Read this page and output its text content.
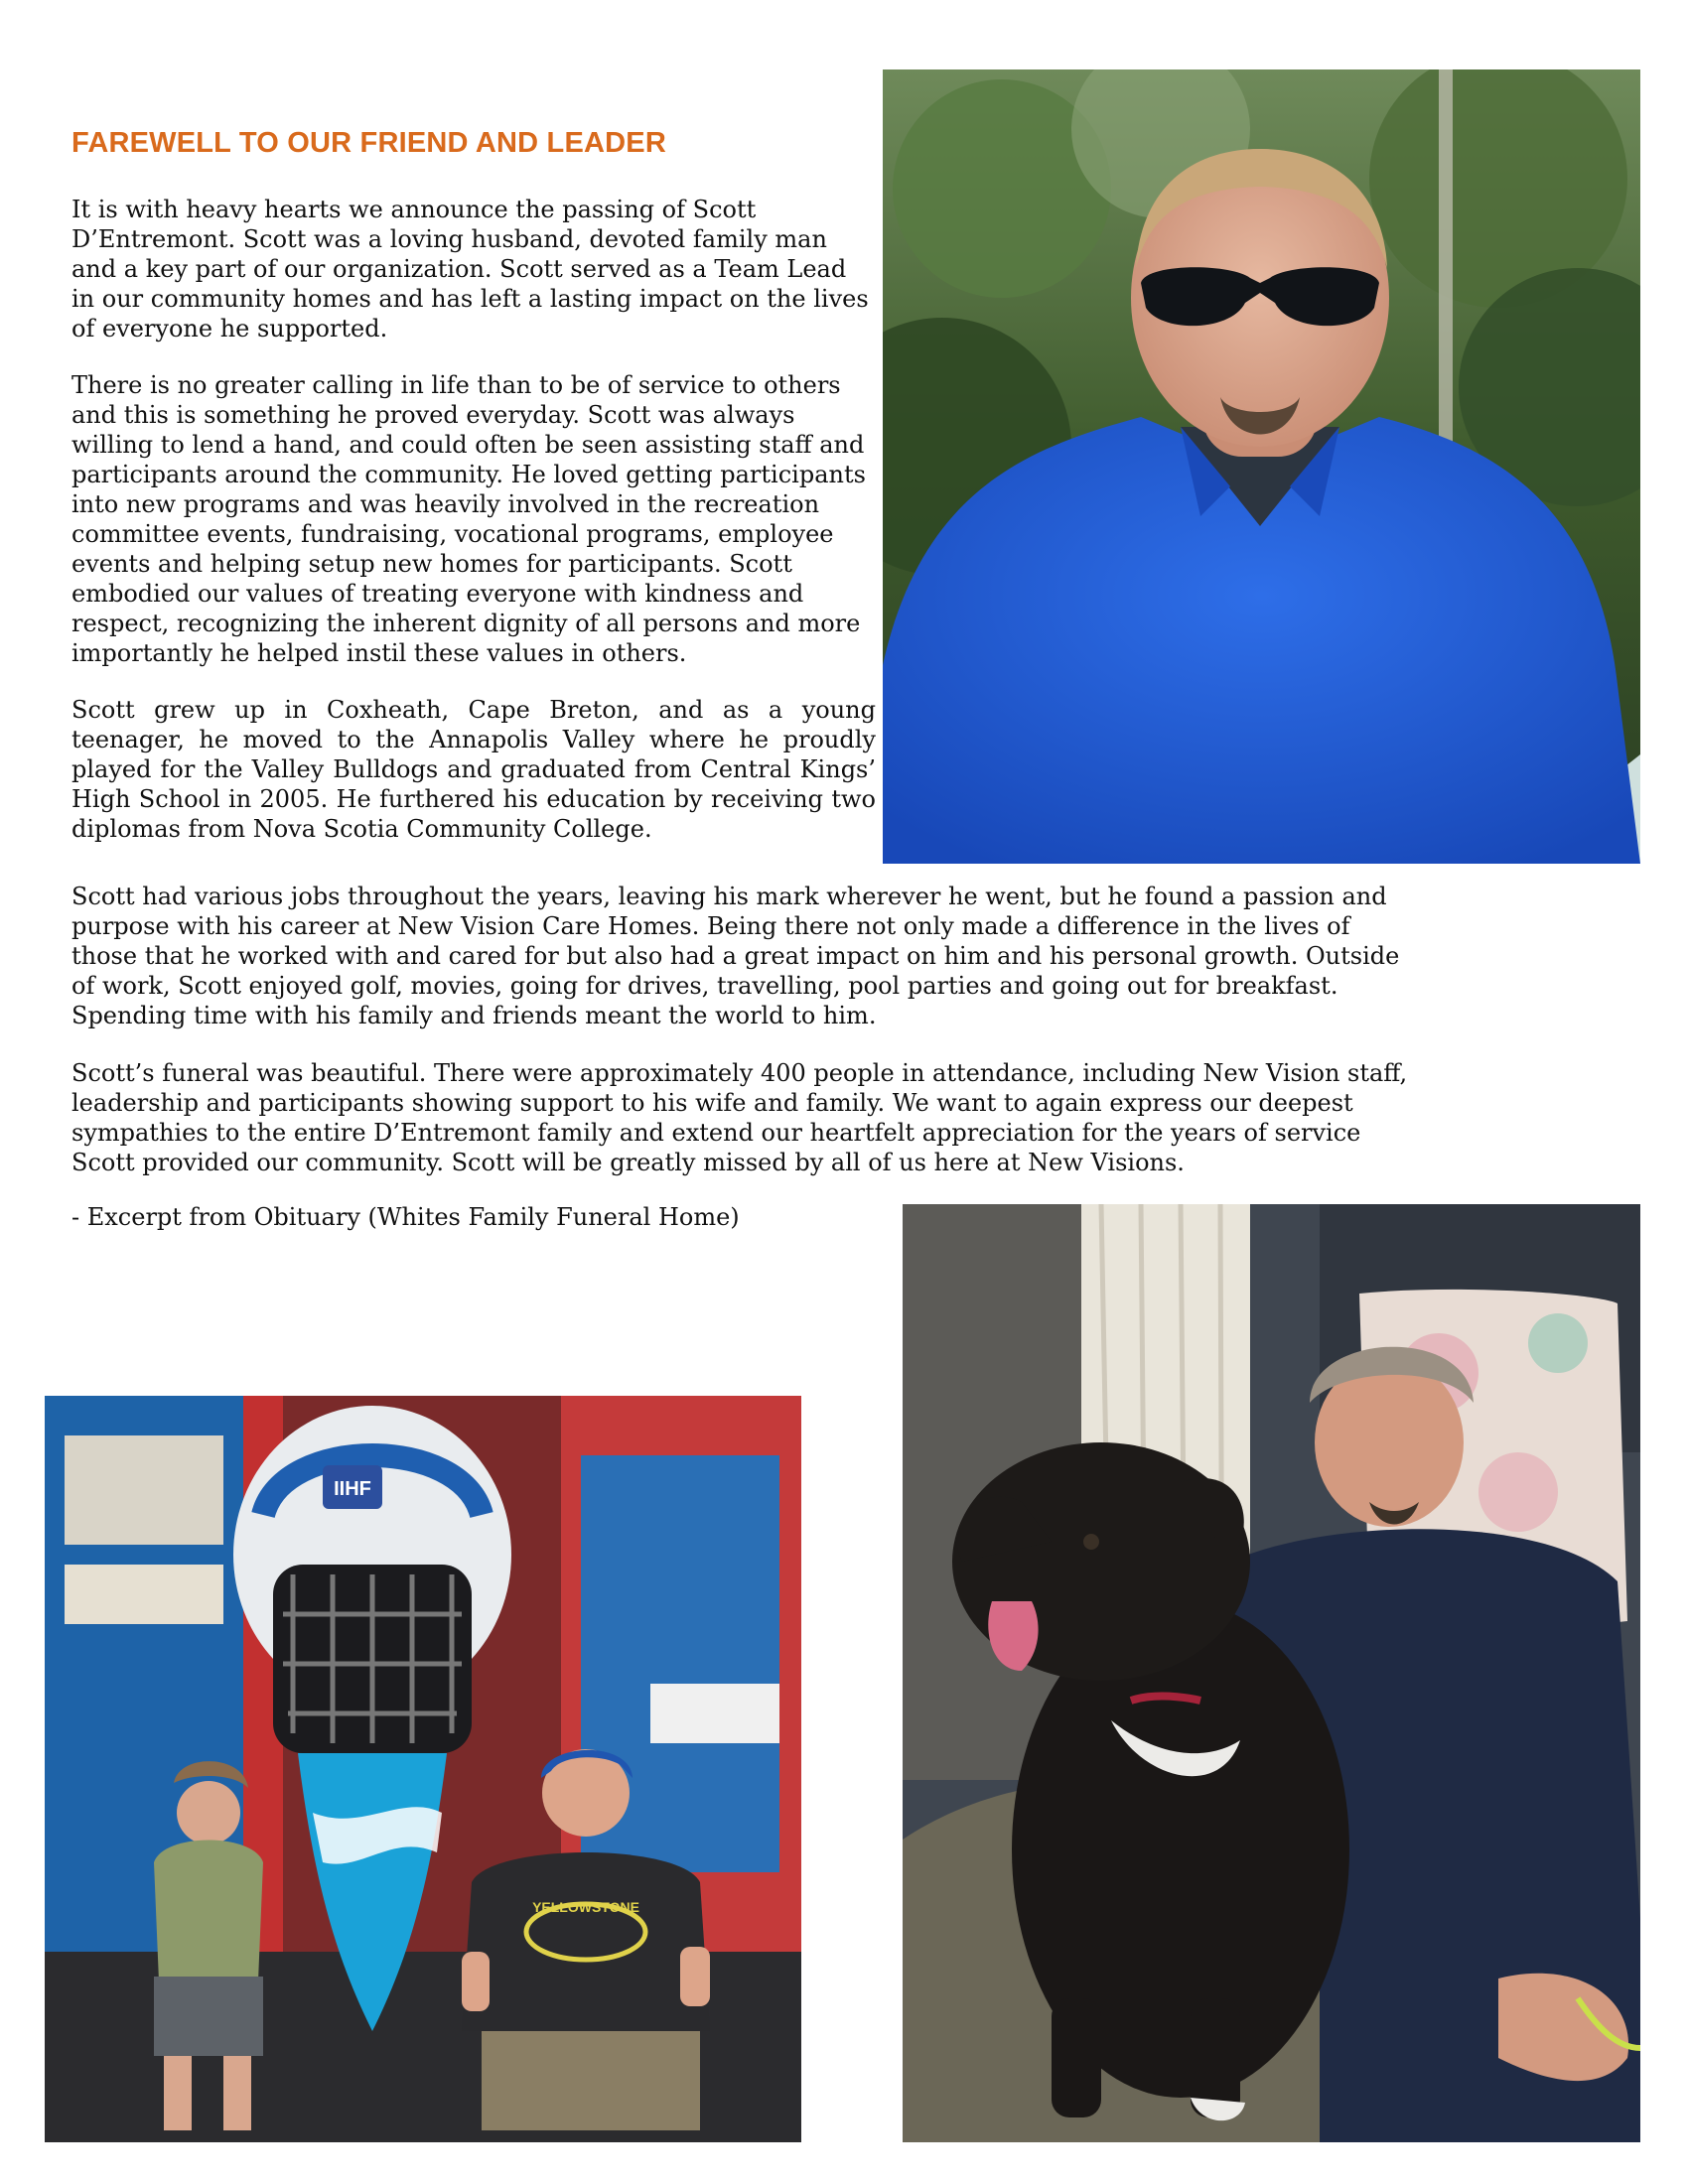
FAREWELL TO OUR FRIEND AND LEADER

It is with heavy hearts we announce the passing of Scott D’Entremont. Scott was a loving husband, devoted family man and a key part of our organization. Scott served as a Team Lead in our community homes and has left a lasting impact on the lives of everyone he supported.

There is no greater calling in life than to be of service to others and this is something he proved everyday. Scott was always willing to lend a hand, and could often be seen assisting staff and participants around the community. He loved getting participants into new programs and was heavily involved in the recreation committee events, fundraising, vocational programs, employee events and helping setup new homes for participants. Scott embodied our values of treating everyone with kindness and respect, recognizing the inherent dignity of all persons and more importantly he helped instil these values in others.

Scott grew up in Coxheath, Cape Breton, and as a young teenager, he moved to the Annapolis Valley where he proudly played for the Valley Bulldogs and graduated from Central Kings’ High School in 2005. He furthered his education by receiving two diplomas from Nova Scotia Community College.

Scott had various jobs throughout the years, leaving his mark wherever he went, but he found a passion and purpose with his career at New Vision Care Homes. Being there not only made a difference in the lives of those that he worked with and cared for but also had a great impact on him and his personal growth. Outside of work, Scott enjoyed golf, movies, going for drives, travelling, pool parties and going out for breakfast. Spending time with his family and friends meant the world to him.

Scott’s funeral was beautiful. There were approximately 400 people in attendance, including New Vision staff, leadership and participants showing support to his wife and family. We want to again express our deepest sympathies to the entire D’Entremont family and extend our heartfelt appreciation for the years of service Scott provided our community. Scott will be greatly missed by all of us here at New Visions.

- Excerpt from Obituary (Whites Family Funeral Home)

IIHF
YELLOWSTONE
